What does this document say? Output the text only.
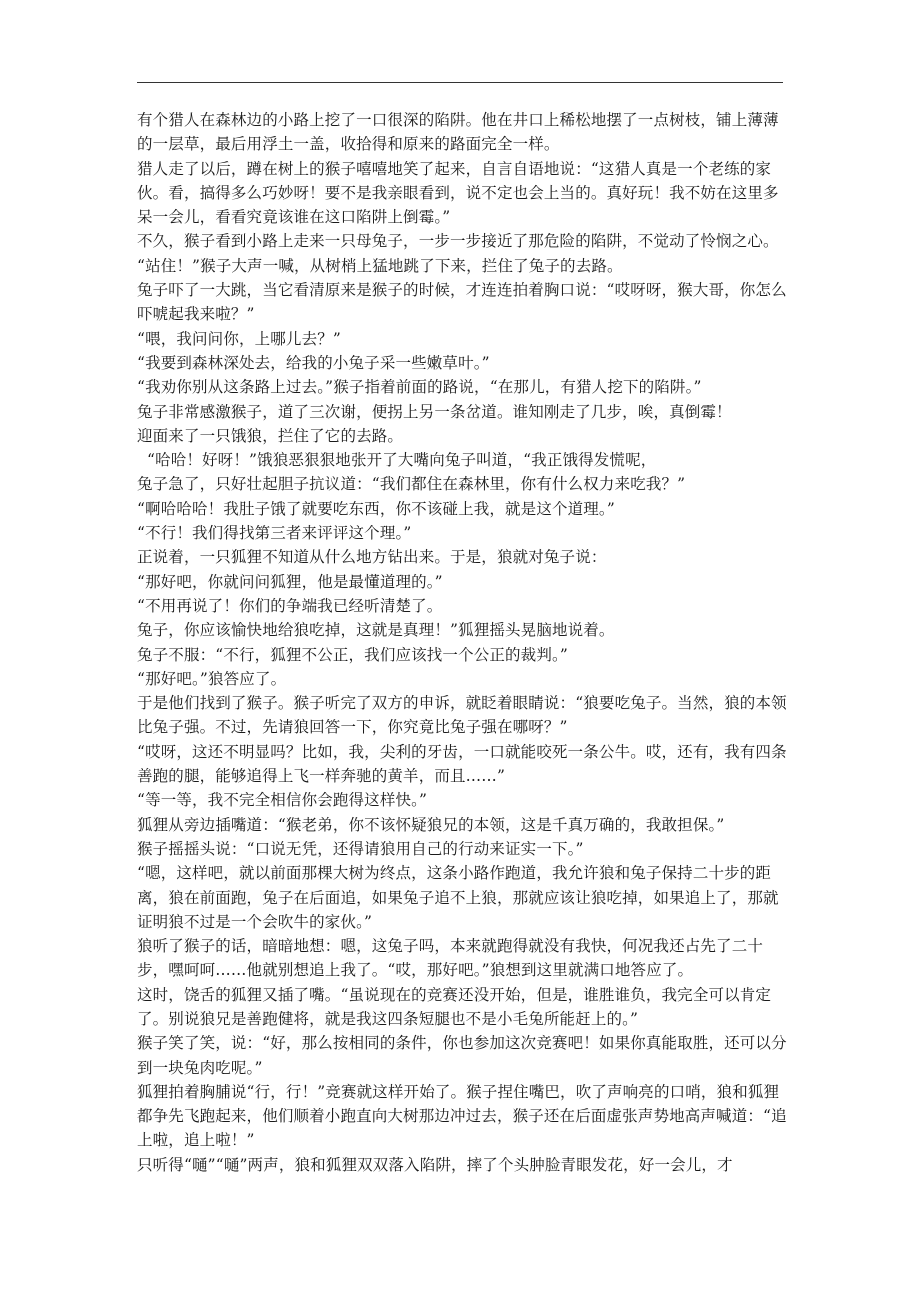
有个猎人在森林边的小路上挖了一口很深的陷阱。他在井口上稀松地摆了一点树枝，铺上薄薄的一层草，最后用浮土一盖，收拾得和原来的路面完全一样。

猎人走了以后，蹲在树上的猴子嘻嘻地笑了起来，自言自语地说：“这猎人真是一个老练的家伙。看，搞得多么巧妙呀！要不是我亲眼看到，说不定也会上当的。真好玩！我不妨在这里多呆一会儿，看看究竟该谁在这口陷阱上倒霉。”

不久，猴子看到小路上走来一只母兔子，一步一步接近了那危险的陷阱，不觉动了怜悯之心。

“站住！”猴子大声一喊，从树梢上猛地跳了下来，拦住了兔子的去路。

兔子吓了一大跳，当它看清原来是猴子的时候，才连连拍着胸口说：“哎呀呀，猴大哥，你怎么吓唬起我来啦？”

“喂，我问问你，上哪儿去？”

“我要到森林深处去，给我的小兔子采一些嫩草叶。”

“我劝你别从这条路上过去。”猴子指着前面的路说，“在那儿，有猎人挖下的陷阱。”

兔子非常感激猴子，道了三次谢，便拐上另一条岔道。谁知刚走了几步，唉，真倒霉！

迎面来了一只饿狼，拦住了它的去路。

“哈哈！好呀！”饿狼恶狠狠地张开了大嘴向兔子叫道，“我正饿得发慌呢，

兔子急了，只好壮起胆子抗议道：“我们都住在森林里，你有什么权力来吃我？”

“啊哈哈哈！我肚子饿了就要吃东西，你不该碰上我，就是这个道理。”

“不行！我们得找第三者来评评这个理。”

正说着，一只狐狸不知道从什么地方钻出来。于是，狼就对兔子说：

“那好吧，你就问问狐狸，他是最懂道理的。”

“不用再说了！你们的争端我已经听清楚了。

兔子，你应该愉快地给狼吃掉，这就是真理！”狐狸摇头晃脑地说着。

兔子不服：“不行，狐狸不公正，我们应该找一个公正的裁判。”

“那好吧。”狼答应了。

于是他们找到了猴子。猴子听完了双方的申诉，就眨着眼睛说：“狼要吃兔子。当然，狼的本领比兔子强。不过，先请狼回答一下，你究竟比兔子强在哪呀？”

“哎呀，这还不明显吗？比如，我，尖利的牙齿，一口就能咬死一条公牛。哎，还有，我有四条善跑的腿，能够追得上飞一样奔驰的黄羊，而且……”

“等一等，我不完全相信你会跑得这样快。”

狐狸从旁边插嘴道：“猴老弟，你不该怀疑狼兄的本领，这是千真万确的，我敢担保。”

猴子摇摇头说：“口说无凭，还得请狼用自己的行动来证实一下。”

“嗯，这样吧，就以前面那棵大树为终点，这条小路作跑道，我允许狼和兔子保持二十步的距离，狼在前面跑，兔子在后面追，如果兔子追不上狼，那就应该让狼吃掉，如果追上了，那就证明狼不过是一个会吹牛的家伙。”

狼听了猴子的话，暗暗地想：嗯，这兔子吗，本来就跑得就没有我快，何况我还占先了二十步，嘿呵呵……他就别想追上我了。“哎，那好吧。”狼想到这里就满口地答应了。

这时，饶舌的狐狸又插了嘴。“虽说现在的竞赛还没开始，但是，谁胜谁负，我完全可以肯定了。别说狼兄是善跑健将，就是我这四条短腿也不是小毛兔所能赶上的。”

猴子笑了笑，说：“好，那么按相同的条件，你也参加这次竞赛吧！如果你真能取胜，还可以分到一块兔肉吃呢。”

狐狸拍着胸脯说“行，行！”竞赛就这样开始了。猴子捏住嘴巴，吹了声响亮的口哨，狼和狐狸都争先飞跑起来，他们顺着小跑直向大树那边冲过去，猴子还在后面虚张声势地高声喊道：“追上啦，追上啦！”

只听得“嗵”“嗵”两声，狼和狐狸双双落入陷阱，摔了个头肿脸青眼发花，好一会儿，才
